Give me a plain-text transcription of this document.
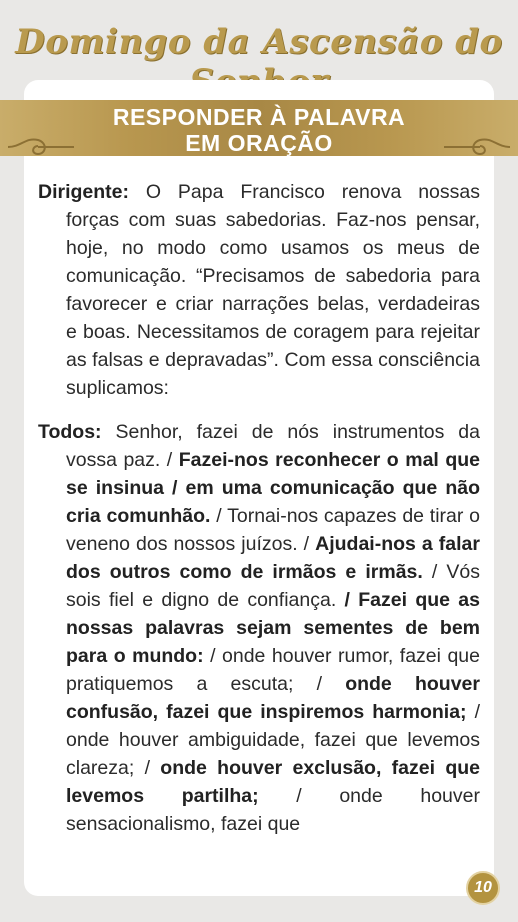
Domingo da Ascensão do
RESPONDER À PALAVRA
EM ORAÇÃO

Dirigente: O Papa Francisco renova nossas forças com suas sabedorias. Faz-nos pensar, hoje, no modo como usamos os meus de comunicação. “Precisamos de sabedoria para favorecer e criar narrações belas, verdadeiras e boas. Necessitamos de coragem para rejeitar as falsas e depravadas”. Com essa consciência suplicamos:

Todos: Senhor, fazei de nós instrumentos da vossa paz. / Fazei-nos reconhecer o mal que se insinua / em uma comunicação que não cria comunhão. / Tornai-nos capazes de tirar o veneno dos nossos juízos. / Ajudai-nos a falar dos outros como de irmãos e irmãs. / Vós sois fiel e digno de confiança. / Fazei que as nossas palavras sejam sementes de bem para o mundo: / onde houver rumor, fazei que pratiquemos a escuta; / onde houver confusão, fazei que inspiremos harmonia; / onde houver ambiguidade, fazei que levemos clareza; / onde houver exclusão, fazei que levemos partilha; / onde houver sensacionalismo, fazei que

10
